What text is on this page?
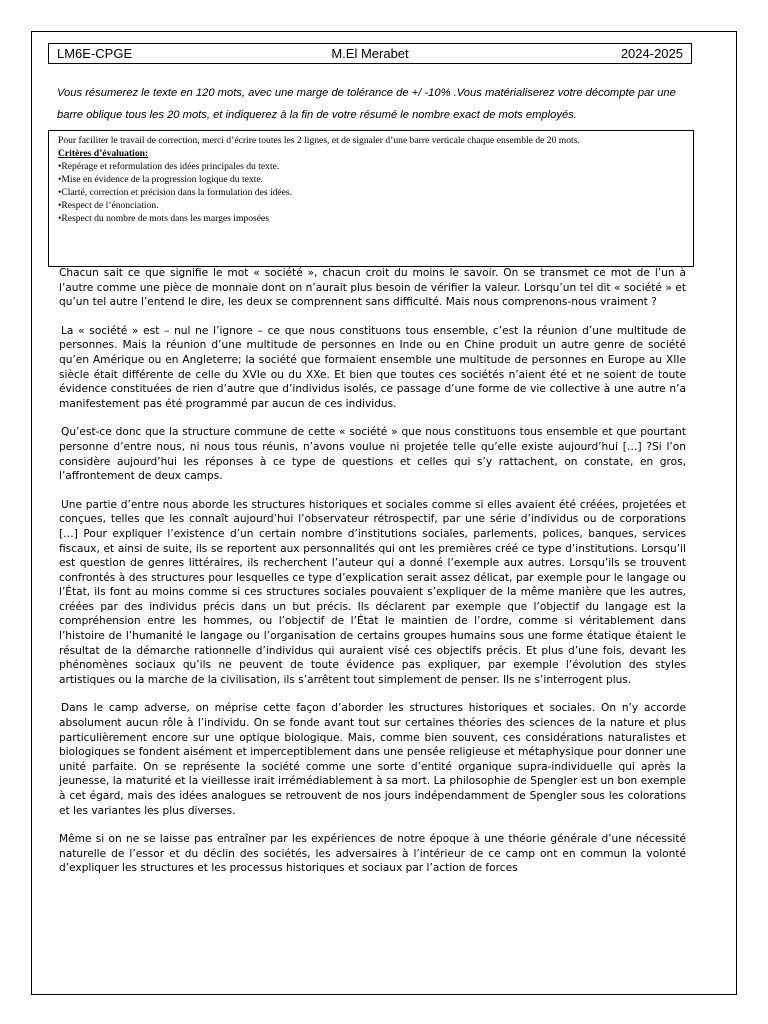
LM6E-CPGE	M.El Merabet	2024-2025
Vous résumerez le texte en 120 mots, avec une marge de tolérance de +/ -10% .Vous matérialiserez votre décompte par une barre oblique tous les 20 mots, et indiquerez à la fin de votre résumé le nombre exact de mots employés.
Pour faciliter le travail de correction, merci d’écrire toutes les 2 lignes, et de signaler d’une barre verticale chaque ensemble de 20 mots.
Critères d’évaluation:
• Repérage et reformulation des idées principales du texte.
• Mise en évidence de la progression logique du texte.
• Clarté, correction et précision dans la formulation des idées.
• Respect de l’énonciation.
• Respect du nombre de mots dans les marges imposées

Chacun sait ce que signifie le mot « société », chacun croit du moins le savoir. On se transmet ce mot de l’un à l’autre comme une pièce de monnaie dont on n’aurait plus besoin de vérifier la valeur. Lorsqu’un tel dit « société » et qu’un tel autre l’entend le dire, les deux se comprennent sans difficulté. Mais nous comprenons-nous vraiment ?

La « société » est – nul ne l’ignore – ce que nous constituons tous ensemble, c’est la réunion d’une multitude de personnes. Mais la réunion d’une multitude de personnes en Inde ou en Chine produit un autre genre de société qu’en Amérique ou en Angleterre; la société que formaient ensemble une multitude de personnes en Europe au XIIe siècle était différente de celle du XVIe ou du XXe. Et bien que toutes ces sociétés n’aient été et ne soient de toute évidence constituées de rien d’autre que d’individus isolés, ce passage d’une forme de vie collective à une autre n’a manifestement pas été programmé par aucun de ces individus.

Qu’est-ce donc que la structure commune de cette « société » que nous constituons tous ensemble et que pourtant personne d’entre nous, ni nous tous réunis, n’avons voulue ni projetée telle qu’elle existe aujourd’hui […] ?Si l’on considère aujourd’hui les réponses à ce type de questions et celles qui s’y rattachent, on constate, en gros, l’affrontement de deux camps.

Une partie d’entre nous aborde les structures historiques et sociales comme si elles avaient été créées, projetées et conçues, telles que les connaît aujourd’hui l’observateur rétrospectif, par une série d’individus ou de corporations […] Pour expliquer l’existence d’un certain nombre d’institutions sociales, parlements, polices, banques, services fiscaux, et ainsi de suite, ils se reportent aux personnalités qui ont les premières créé ce type d’institutions. Lorsqu’il est question de genres littéraires, ils recherchent l’auteur qui a donné l’exemple aux autres. Lorsqu’ils se trouvent confrontés à des structures pour lesquelles ce type d’explication serait assez délicat, par exemple pour le langage ou l’État, ils font au moins comme si ces structures sociales pouvaient s’expliquer de la même manière que les autres, créées par des individus précis dans un but précis. Ils déclarent par exemple que l’objectif du langage est la compréhension entre les hommes, ou l’objectif de l’État le maintien de l’ordre, comme si véritablement dans l’histoire de l’humanité le langage ou l’organisation de certains groupes humains sous une forme étatique étaient le résultat de la démarche rationnelle d’individus qui auraient visé ces objectifs précis. Et plus d’une fois, devant les phénomènes sociaux qu’ils ne peuvent de toute évidence pas expliquer, par exemple l’évolution des styles artistiques ou la marche de la civilisation, ils s’arrêtent tout simplement de penser. Ils ne s’interrogent plus.

Dans le camp adverse, on méprise cette façon d’aborder les structures historiques et sociales. On n’y accorde absolument aucun rôle à l’individu. On se fonde avant tout sur certaines théories des sciences de la nature et plus particulièrement encore sur une optique biologique. Mais, comme bien souvent, ces considérations naturalistes et biologiques se fondent aisément et imperceptiblement dans une pensée religieuse et métaphysique pour donner une unité parfaite. On se représente la société comme une sorte d’entité organique supra-individuelle qui après la jeunesse, la maturité et la vieillesse irait irrémédiablement à sa mort. La philosophie de Spengler est un bon exemple à cet égard, mais des idées analogues se retrouvent de nos jours indépendamment de Spengler sous les colorations et les variantes les plus diverses.

Même si on ne se laisse pas entraîner par les expériences de notre époque à une théorie générale d’une nécessité naturelle de l’essor et du déclin des sociétés, les adversaires à l’intérieur de ce camp ont en commun la volonté d’expliquer les structures et les processus historiques et sociaux par l’action de forces
